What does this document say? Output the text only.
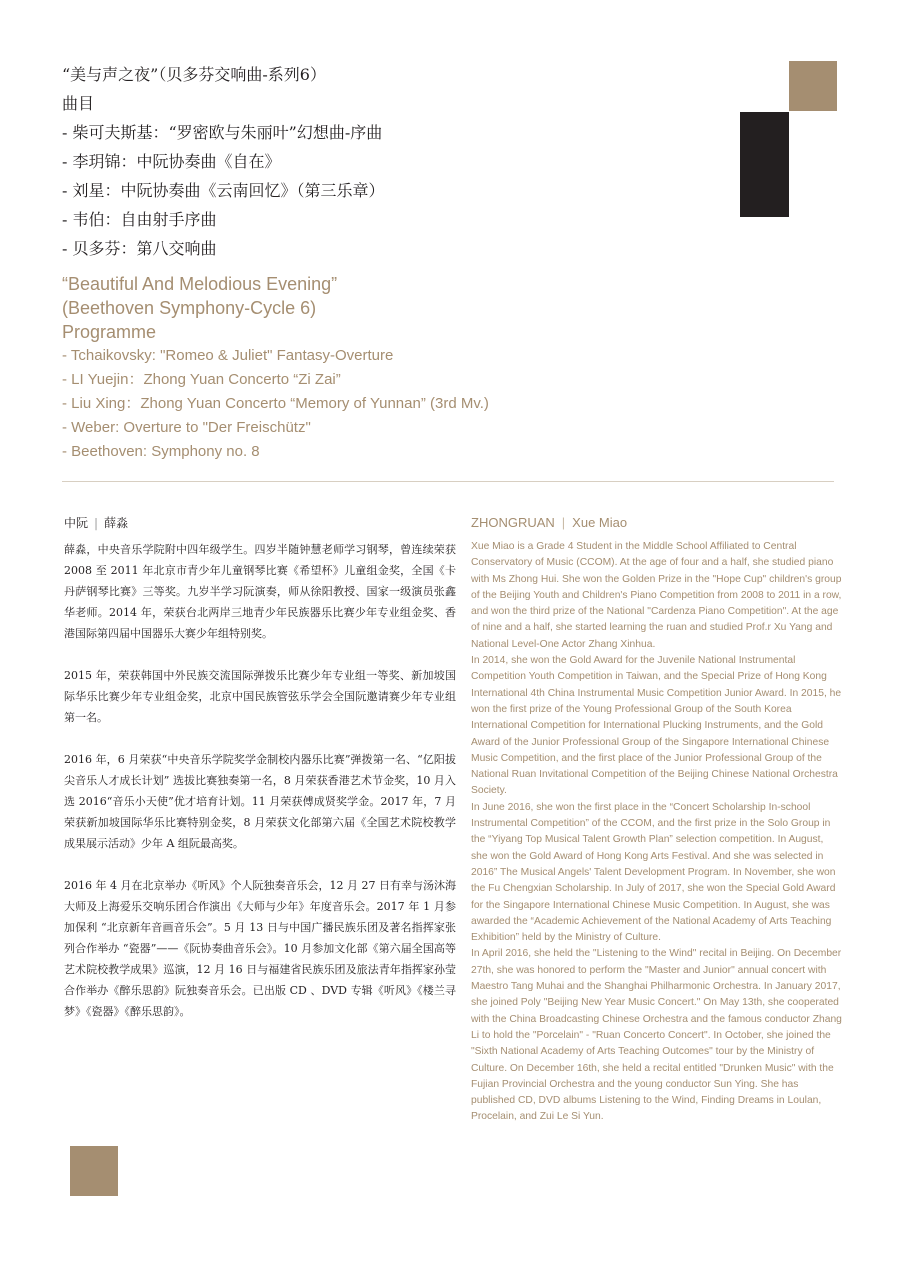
“美与声之夜”（贝多芬交响曲-系列6）
曲目
- 柴可夫斯基：“罗密欧与朱丽叶”幻想曲-序曲
- 李玥锦：中阮协奏曲《自在》
- 刘星：中阮协奏曲《云南回忆》（第三乐章）
- 韦伯：自由射手序曲
- 贝多芬：第八交响曲
“Beautiful And Melodious Evening”
(Beethoven Symphony-Cycle 6)
Programme
- Tchaikovsky: "Romeo & Juliet" Fantasy-Overture
- LI Yuejin：Zhong Yuan Concerto “Zi Zai”
- Liu Xing：Zhong Yuan Concerto “Memory of Yunnan” (3rd Mv.)
- Weber: Overture to "Der Freischütz"
- Beethoven: Symphony no. 8
中阮 | 薛淼

薛淼，中央音乐学院附中四年级学生。四岁半随钟慧老师学习钢琴，曾连续荣获 2008 至 2011 年北京市青少年儿童钢琴比赛《希望杯》儿童组金奖，全国《卡丹萨钢琴比赛》三等奖。九岁半学习阮演奏，师从徐阳教授、国家一级演员张鑫华老师。2014 年，荣获台北两岸三地青少年民族器乐比赛少年专业组金奖、香港国际第四届中国器乐大赛少年组特别奖。

2015 年，荣获韩国中外民族交流国际弹拨乐比赛少年专业组一等奖、新加坡国际华乐比赛少年专业组金奖，北京中国民族管弦乐学会全国阮邀请赛少年专业组第一名。

2016 年，6 月荣获“中央音乐学院奖学金制校内器乐比赛”弹拨第一名、“亿阳拔尖音乐人才成长计划” 选拔比赛独奏第一名，8 月荣获香港艺术节金奖，10 月入选 2016“音乐小天使”优才培育计划。11 月荣获傅成贤奖学金。2017 年，7 月荣获新加坡国际华乐比赛特别金奖，8 月荣获文化部第六届《全国艺术院校教学成果展示活动》少年 A 组阮最高奖。

2016 年 4 月在北京举办《听风》个人阮独奏音乐会，12 月 27 日有幸与汤沐海大师及上海爱乐交响乐团合作演出《大师与少年》年度音乐会。2017 年 1 月参加保利 “北京新年音画音乐会”。5 月 13 日与中国广播民族乐团及著名指挥家张列合作举办 “瓷器”——《阮协奏曲音乐会》。10 月参加文化部《第六届全国高等艺术院校教学成果》巡演，12 月 16 日与福建省民族乐团及旅法青年指挥家孙莹合作举办《醉乐思韵》阮独奏音乐会。已出版 CD 、DVD 专辑《听风》《楼兰寻梦》《瓷器》《醉乐思韵》。

ZHONGRUAN | Xue Miao

Xue Miao is a Grade 4 Student in the Middle School Affiliated to Central Conservatory of Music (CCOM). At the age of four and a half, she studied piano with Ms Zhong Hui. She won the Golden Prize in the "Hope Cup" children's group of the Beijing Youth and Children's Piano Competition from 2008 to 2011 in a row, and won the third prize of the National "Cardenza Piano Competition". At the age of nine and a half, she started learning the ruan and studied Prof.r Xu Yang and National Level-One Actor Zhang Xinhua.

In 2014, she won the Gold Award for the Juvenile National Instrumental Competition Youth Competition in Taiwan, and the Special Prize of Hong Kong International 4th China Instrumental Music Competition Junior Award. In 2015, he won the first prize of the Young Professional Group of the South Korea International Competition for International Plucking Instruments, and the Gold Award of the Junior Professional Group of the Singapore International Chinese Music Competition, and the first place of the Junior Professional Group of the National Ruan Invitational Competition of the Beijing Chinese National Orchestra Society.

In June 2016, she won the first place in the “Concert Scholarship In-school Instrumental Competition” of the CCOM, and the first prize in the Solo Group in the “Yiyang Top Musical Talent Growth Plan” selection competition. In August, she won the Gold Award of Hong Kong Arts Festival. And she was selected in 2016” The Musical Angels' Talent Development Program. In November, she won the Fu Chengxian Scholarship. In July of 2017, she won the Special Gold Award for the Singapore International Chinese Music Competition. In August, she was awarded the “Academic Achievement of the National Academy of Arts Teaching Exhibition” held by the Ministry of Culture.

In April 2016, she held the "Listening to the Wind" recital in Beijing. On December 27th, she was honored to perform the "Master and Junior" annual concert with Maestro Tang Muhai and the Shanghai Philharmonic Orchestra. In January 2017, she joined Poly "Beijing New Year Music Concert." On May 13th, she cooperated with the China Broadcasting Chinese Orchestra and the famous conductor Zhang Li to hold the "Porcelain" - "Ruan Concerto Concert". In October, she joined the "Sixth National Academy of Arts Teaching Outcomes" tour by the Ministry of Culture. On December 16th, she held a recital entitled "Drunken Music" with the Fujian Provincial Orchestra and the young conductor Sun Ying. She has published CD, DVD albums Listening to the Wind, Finding Dreams in Loulan, Procelain, and Zui Le Si Yun.
